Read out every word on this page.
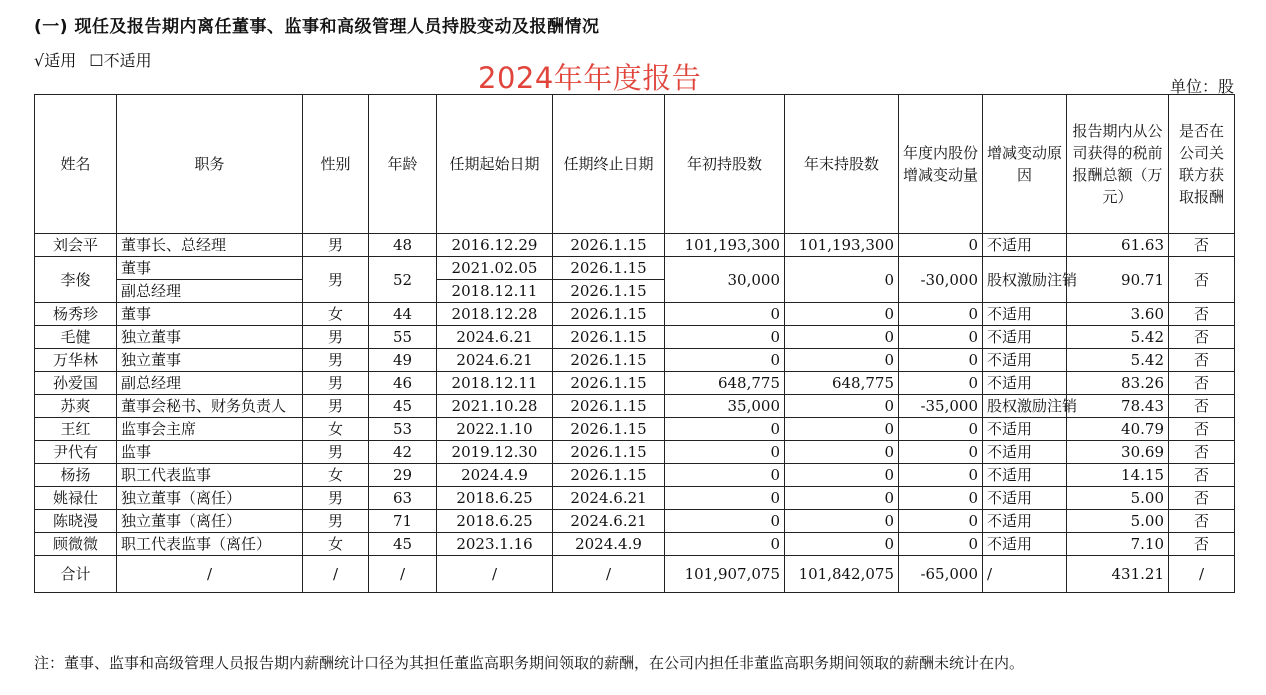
(一) 现任及报告期内离任董事、监事和高级管理人员持股变动及报酬情况
√适用 ☐不适用
2024年年度报告	单位：股
姓名	职务	性别	年龄	任期起始日期	任期终止日期	年初持股数	年末持股数	年度内股份增减变动量	增减变动原因	报告期内从公司获得的税前报酬总额（万元）	是否在公司关联方获取报酬
刘会平	董事长、总经理	男	48	2016.12.29	2026.1.15	101,193,300	101,193,300	0	不适用	61.63	否
李俊	董事	男	52	2021.02.05	2026.1.15	30,000	0	-30,000	股权激励注销	90.71	否
	副总经理			2018.12.11	2026.1.15						
杨秀珍	董事	女	44	2018.12.28	2026.1.15	0	0	0	不适用	3.60	否
毛健	独立董事	男	55	2024.6.21	2026.1.15	0	0	0	不适用	5.42	否
万华林	独立董事	男	49	2024.6.21	2026.1.15	0	0	0	不适用	5.42	否
孙爱国	副总经理	男	46	2018.12.11	2026.1.15	648,775	648,775	0	不适用	83.26	否
苏爽	董事会秘书、财务负责人	男	45	2021.10.28	2026.1.15	35,000	0	-35,000	股权激励注销	78.43	否
王红	监事会主席	女	53	2022.1.10	2026.1.15	0	0	0	不适用	40.79	否
尹代有	监事	男	42	2019.12.30	2026.1.15	0	0	0	不适用	30.69	否
杨扬	职工代表监事	女	29	2024.4.9	2026.1.15	0	0	0	不适用	14.15	否
姚禄仕	独立董事（离任）	男	63	2018.6.25	2024.6.21	0	0	0	不适用	5.00	否
陈晓漫	独立董事（离任）	男	71	2018.6.25	2024.6.21	0	0	0	不适用	5.00	否
顾微微	职工代表监事（离任）	女	45	2023.1.16	2024.4.9	0	0	0	不适用	7.10	否
合计	/	/	/	/	/	101,907,075	101,842,075	-65,000	/	431.21	/
注：董事、监事和高级管理人员报告期内薪酬统计口径为其担任董监高职务期间领取的薪酬，在公司内担任非董监高职务期间领取的薪酬未统计在内。
